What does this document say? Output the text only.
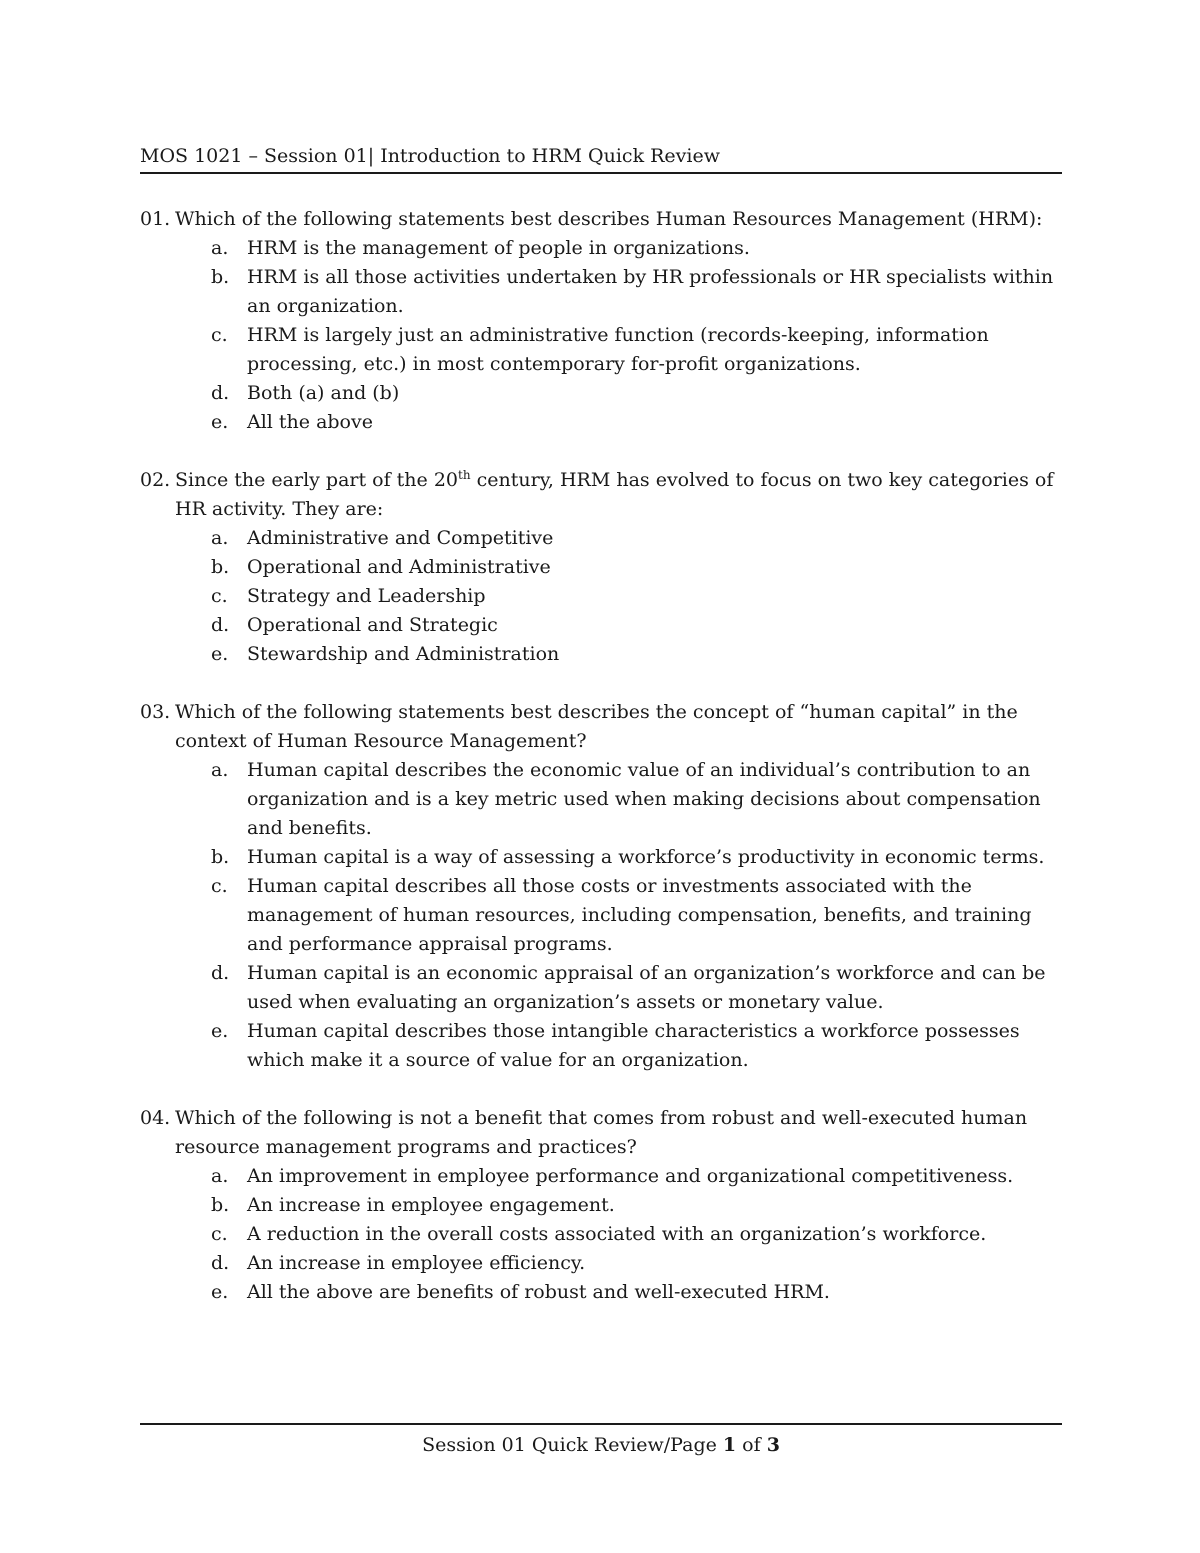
MOS 1021 – Session 01| Introduction to HRM Quick Review
01. Which of the following statements best describes Human Resources Management (HRM):
a. HRM is the management of people in organizations.
b. HRM is all those activities undertaken by HR professionals or HR specialists within an organization.
c. HRM is largely just an administrative function (records-keeping, information processing, etc.) in most contemporary for-profit organizations.
d. Both (a) and (b)
e. All the above
02. Since the early part of the 20th century, HRM has evolved to focus on two key categories of HR activity. They are:
a. Administrative and Competitive
b. Operational and Administrative
c. Strategy and Leadership
d. Operational and Strategic
e. Stewardship and Administration
03. Which of the following statements best describes the concept of “human capital” in the context of Human Resource Management?
a. Human capital describes the economic value of an individual’s contribution to an organization and is a key metric used when making decisions about compensation and benefits.
b. Human capital is a way of assessing a workforce’s productivity in economic terms.
c. Human capital describes all those costs or investments associated with the management of human resources, including compensation, benefits, and training and performance appraisal programs.
d. Human capital is an economic appraisal of an organization’s workforce and can be used when evaluating an organization’s assets or monetary value.
e. Human capital describes those intangible characteristics a workforce possesses which make it a source of value for an organization.
04. Which of the following is not a benefit that comes from robust and well-executed human resource management programs and practices?
a. An improvement in employee performance and organizational competitiveness.
b. An increase in employee engagement.
c. A reduction in the overall costs associated with an organization’s workforce.
d. An increase in employee efficiency.
e. All the above are benefits of robust and well-executed HRM.
Session 01 Quick Review/Page 1 of 3
